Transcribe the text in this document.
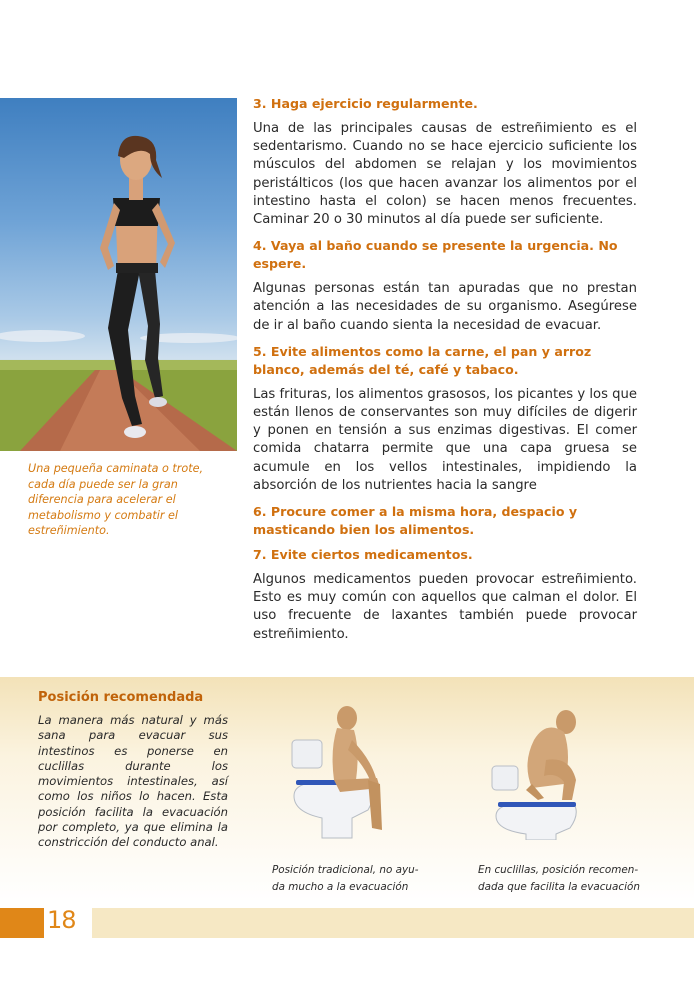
Una pequeña caminata o trote, cada día puede ser la gran diferencia para acelerar el metabolismo y combatir el estreñimiento.
3. Haga ejercicio regularmente.
Una de las principales causas de estreñimiento es el sedentarismo. Cuando no se hace ejercicio suficiente los músculos del abdomen se relajan y los movimientos peristálticos (los que hacen avanzar los alimentos por el intestino hasta el colon) se hacen menos frecuentes. Caminar 20 o 30 minutos al día puede ser suficiente.
4. Vaya al baño cuando se presente la urgencia. No espere.
Algunas personas están tan apuradas que no prestan atención a las necesidades de su organismo. Asegúrese de ir al baño cuando sienta la necesidad de evacuar.
5. Evite alimentos como la carne, el pan y arroz blanco, además del té, café y tabaco.
Las frituras, los alimentos grasosos, los picantes y los que están llenos de conservantes son muy difíciles de digerir y ponen en tensión a sus enzimas digestivas. El comer comida chatarra permite que una capa gruesa se acumule en los vellos intestinales, impidiendo la absorción de los nutrientes hacia la sangre
6. Procure comer a la misma hora, despacio y masticando bien los alimentos.
7. Evite ciertos medicamentos.
Algunos medicamentos pueden provocar estreñimiento. Esto es muy común con aquellos que calman el dolor. El uso frecuente de laxantes también puede provocar estreñimiento.
Posición recomendada
La manera más natural y más sana para evacuar sus intestinos es ponerse en cuclillas durante los movimientos intestinales, así como los niños lo hacen. Esta posición facilita la evacuación por completo, ya que elimina la constricción del conducto anal.
Posición tradicional, no ayu-
da mucho a la evacuación
En cuclillas, posición recomen-
dada que facilita la evacuación
18
